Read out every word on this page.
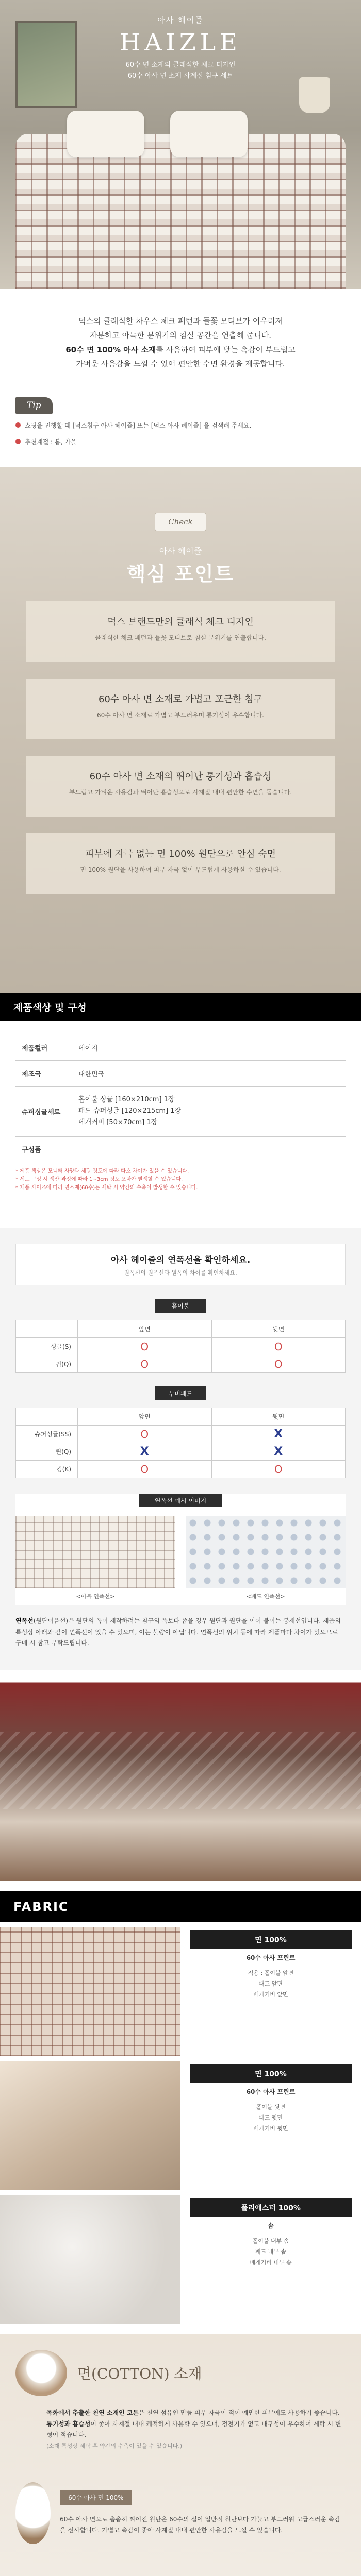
아사 헤이즐
HAIZLE
60수 면 소재의 클래식한 체크 디자인
60수 아사 면 소재 사계절 침구 세트
덕스의 클래식한 차우스 체크 패턴과 들꽃 모티브가 어우러져
자분하고 아늑한 분위기의 침실 공간을 연출해 줍니다.
60수 면 100% 아사 소재를 사용하여 피부에 닿는 촉감이 부드럽고
가벼운 사용감을 느낄 수 있어 편안한 수면 환경을 제공합니다.
Tip
쇼핑을 진행할 때 [덕스침구 아사 헤이즐] 또는 [덕스 아사 헤이즐] 을 검색해 주세요.
추천계절 : 봄, 가을
Check
아사 헤이즐
핵심 포인트
덕스 브랜드만의 클래식 체크 디자인
클래식한 체크 패턴과 들꽃 모티브로 침실 분위기를 연출합니다.
60수 아사 면 소재로 가볍고 포근한 침구
60수 아사 면 소재로 가볍고 부드러우며 통기성이 우수합니다.
60수 아사 면 소재의 뛰어난 통기성과 흡습성
부드럽고 가벼운 사용감과 뛰어난 흡습성으로 사계절 내내 편안한 수면을 돕습니다.
피부에 자극 없는 면 100% 원단으로 안심 숙면
면 100% 원단을 사용하여 피부 자극 없이 부드럽게 사용하실 수 있습니다.
제품색상 및 구성
제품컬러	베이지
제조국	대한민국
슈퍼싱글세트	홑이불 싱글 [160×210cm] 1장
패드 슈퍼싱글 [120×215cm] 1장
베개커버 [50×70cm] 1장
구성품	
* 제품 색상은 모니터 사양과 세팅 정도에 따라 다소 차이가 있을 수 있습니다.
* 세트 구성 시 생산 과정에 따라 1~3cm 정도 오차가 발생할 수 있습니다.
* 제품 사이즈에 따라 면소재(60수)는 세탁 시 약간의 수축이 발생할 수 있습니다.
아사 헤이즐의 연폭선을 확인하세요.
원폭선의 원폭선과 원폭의 차이를 확인하세요.
홑이불
	앞면	뒷면
싱글(S)	O	O
퀸(Q)	O	O
누비패드
	앞면	뒷면
슈퍼싱글(SS)	O	X
퀸(Q)	X	X
킹(K)	O	O
연폭선 예시 이미지
<이불 연폭선>	<패드 연폭선>
연폭선(원단이음선)은 원단의 폭이 제작하려는 침구의 폭보다 좁을 경우 원단과 원단을 이어 붙이는 봉제선입니다. 제품의 특성상 아래와 같이 연폭선이 있을 수 있으며, 이는 불량이 아닙니다. 연폭선의 위치 등에 따라 제품마다 차이가 있으므로 구매 시 참고 부탁드립니다.
FABRIC
면 100%
60수 아사 프린트
적용 : 홑이불 앞면
패드 앞면
베개커버 앞면
면 100%
60수 아사 프린트
홑이불 뒷면
패드 뒷면
베개커버 뒷면
폴리에스터 100%
솜
홑이불 내부 솜
패드 내부 솜
베개커버 내부 솜
면(COTTON) 소재
목화에서 추출한 천연 소재인 코튼은 천연 섬유인 만큼 피부 자극이 적어 예민한 피부에도 사용하기 좋습니다.
통기성과 흡습성이 좋아 사계절 내내 쾌적하게 사용할 수 있으며, 정전기가 없고 내구성이 우수하여 세탁 시 변형이 적습니다.
(소재 특성상 세탁 후 약간의 수축이 있을 수 있습니다.)
60수 아사 면 100%
60수 아사 면으로 촘촘히 짜여진 원단은 60수의 실이 일반적 원단보다 가늘고 부드러워 고급스러운 촉감을 선사합니다. 가볍고 촉감이 좋아 사계절 내내 편안한 사용감을 느낄 수 있습니다.
